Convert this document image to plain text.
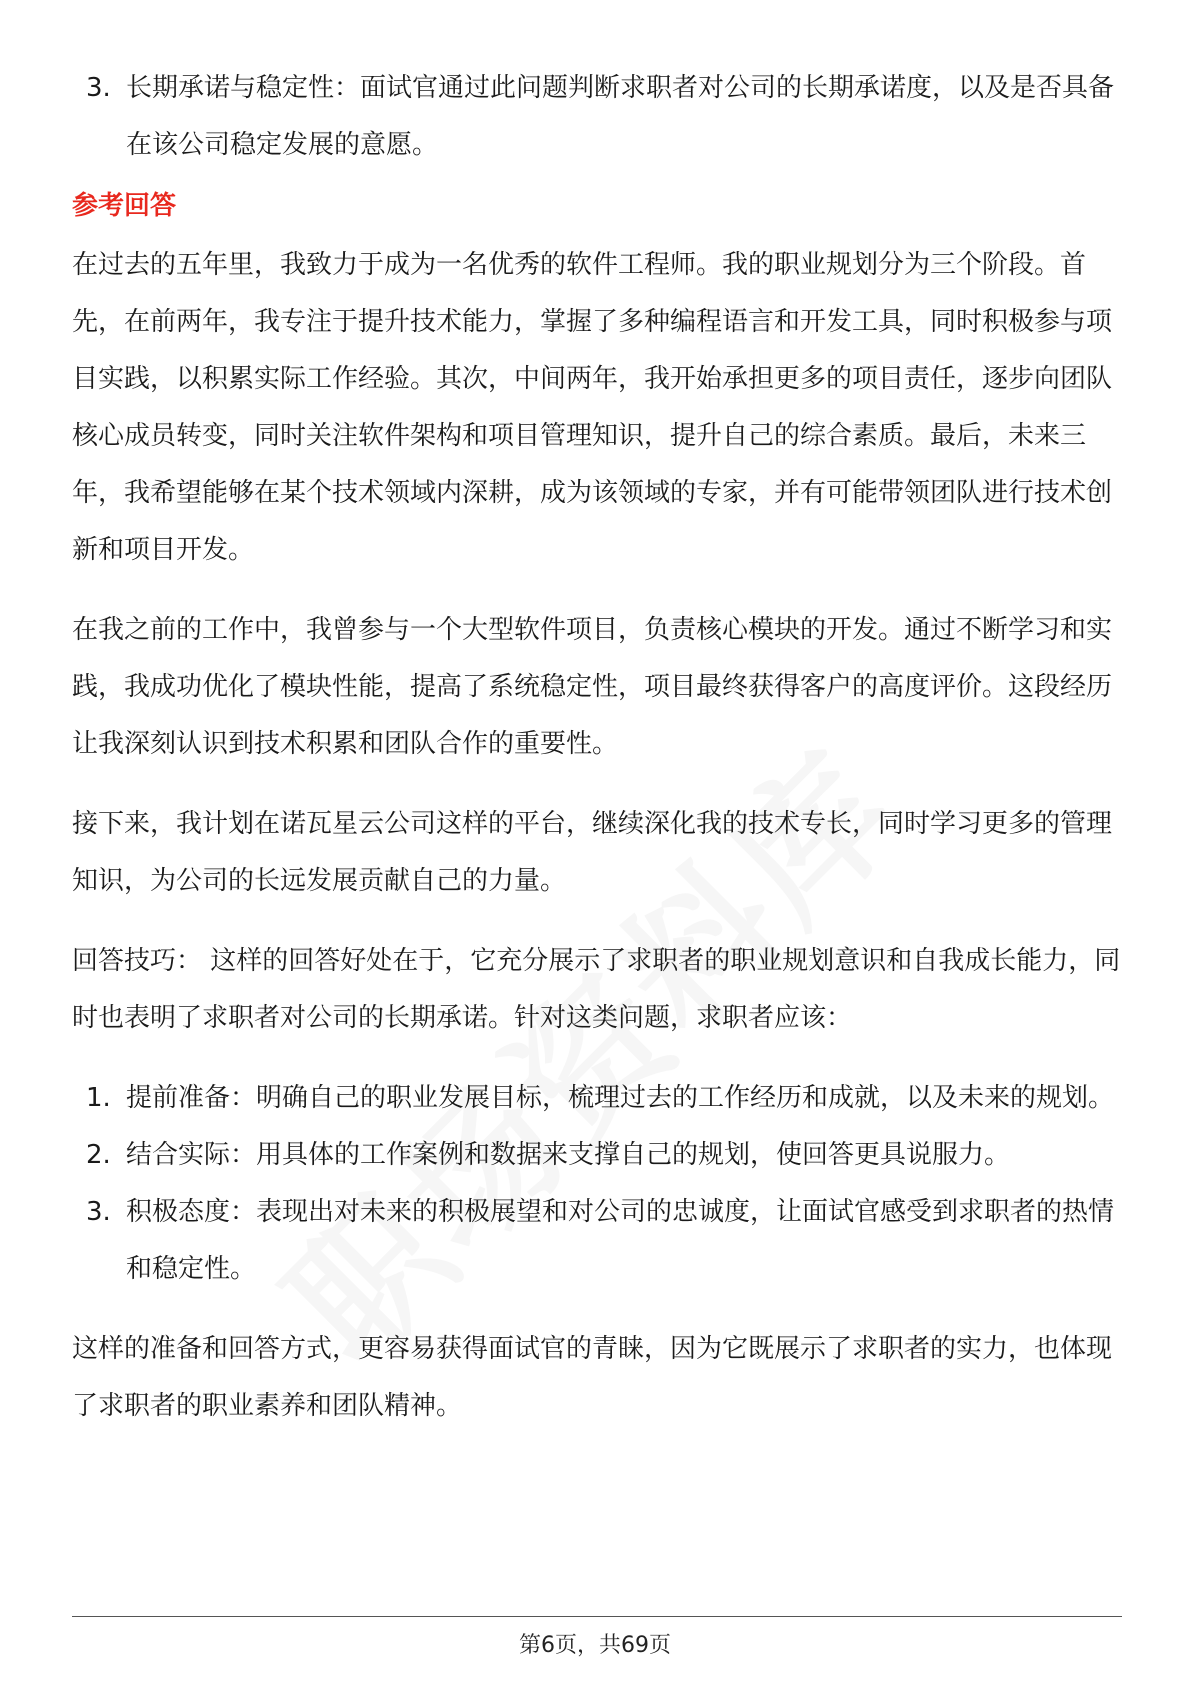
3. 长期承诺与稳定性：面试官通过此问题判断求职者对公司的长期承诺度，以及是否具备在该公司稳定发展的意愿。
参考回答

在过去的五年里，我致力于成为一名优秀的软件工程师。我的职业规划分为三个阶段。首先，在前两年，我专注于提升技术能力，掌握了多种编程语言和开发工具，同时积极参与项目实践，以积累实际工作经验。其次，中间两年，我开始承担更多的项目责任，逐步向团队核心成员转变，同时关注软件架构和项目管理知识，提升自己的综合素质。最后，未来三年，我希望能够在某个技术领域内深耕，成为该领域的专家，并有可能带领团队进行技术创新和项目开发。

在我之前的工作中，我曾参与一个大型软件项目，负责核心模块的开发。通过不断学习和实践，我成功优化了模块性能，提高了系统稳定性，项目最终获得客户的高度评价。这段经历让我深刻认识到技术积累和团队合作的重要性。

接下来，我计划在诺瓦星云公司这样的平台，继续深化我的技术专长，同时学习更多的管理知识，为公司的长远发展贡献自己的力量。

回答技巧： 这样的回答好处在于，它充分展示了求职者的职业规划意识和自我成长能力，同时也表明了求职者对公司的长期承诺。针对这类问题，求职者应该：

1. 提前准备：明确自己的职业发展目标，梳理过去的工作经历和成就，以及未来的规划。
2. 结合实际：用具体的工作案例和数据来支撑自己的规划，使回答更具说服力。
3. 积极态度：表现出对未来的积极展望和对公司的忠诚度，让面试官感受到求职者的热情和稳定性。

这样的准备和回答方式，更容易获得面试官的青睐，因为它既展示了求职者的实力，也体现了求职者的职业素养和团队精神。

第6页，共69页
